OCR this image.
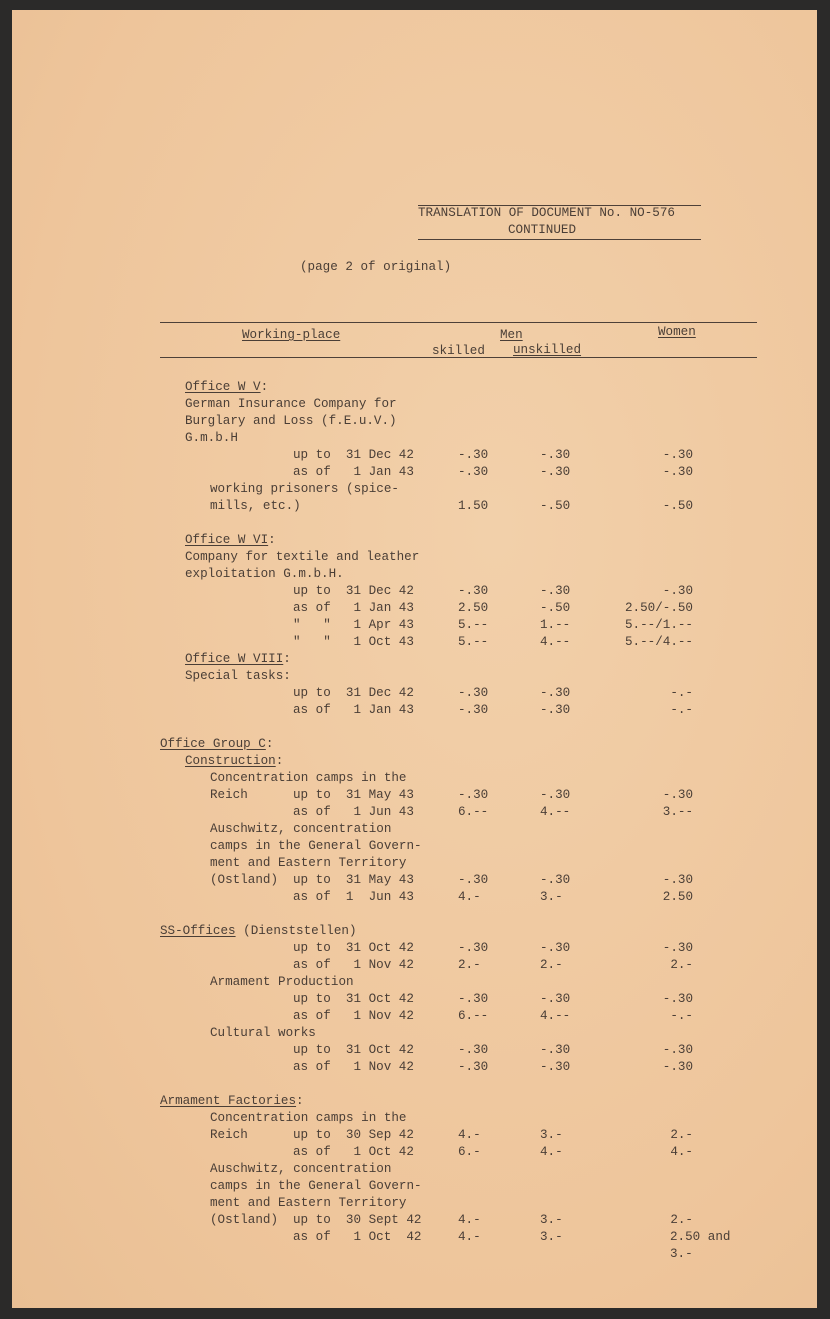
TRANSLATION OF DOCUMENT No. NO-576
CONTINUED
(page 2 of original)
Working-place	Men	Women
skilled unskilled
Office W V:
German Insurance Company for
Burglary and Loss (f.E.u.V.)
G.m.b.H
up to  31 Dec 42	-.30	-.30	-.30
as of   1 Jan 43	-.30	-.30	-.30
working prisoners (spice-
mills, etc.)	1.50	-.50	-.50
Office W VI:
Company for textile and leather
exploitation G.m.b.H.
up to  31 Dec 42	-.30	-.30	-.30
as of   1 Jan 43	2.50	-.50	2.50/-.50
"   "   1 Apr 43	5.--	1.--	5.--/1.--
"   "   1 Oct 43	5.--	4.--	5.--/4.--
Office W VIII:
Special tasks:
up to  31 Dec 42	-.30	-.30	-.-
as of   1 Jan 43	-.30	-.30	-.-
Office Group C:
Construction:
Concentration camps in the
Reich	up to  31 May 43	-.30	-.30	-.30
as of   1 Jun 43	6.--	4.--	3.--
Auschwitz, concentration
camps in the General Govern-
ment and Eastern Territory
(Ostland) up to  31 May 43	-.30	-.30	-.30
as of  1  Jun 43	4.-	3.-	2.50
SS-Offices (Dienststellen)
up to  31 Oct 42	-.30	-.30	-.30
as of   1 Nov 42	2.-	2.-	2.-
Armament Production
up to  31 Oct 42	-.30	-.30	-.30
as of   1 Nov 42	6.--	4.--	-.-
Cultural works
up to  31 Oct 42	-.30	-.30	-.30
as of   1 Nov 42	-.30	-.30	-.30
Armament Factories:
Concentration camps in the
Reich	up to  30 Sep 42	4.-	3.-	2.-
as of   1 Oct 42	6.-	4.-	4.-
Auschwitz, concentration
camps in the General Govern-
ment and Eastern Territory
(Ostland) up to  30 Sept 42	4.-	3.-	2.-
as of   1 Oct  42	4.-	3.-	2.50 and
3.-
